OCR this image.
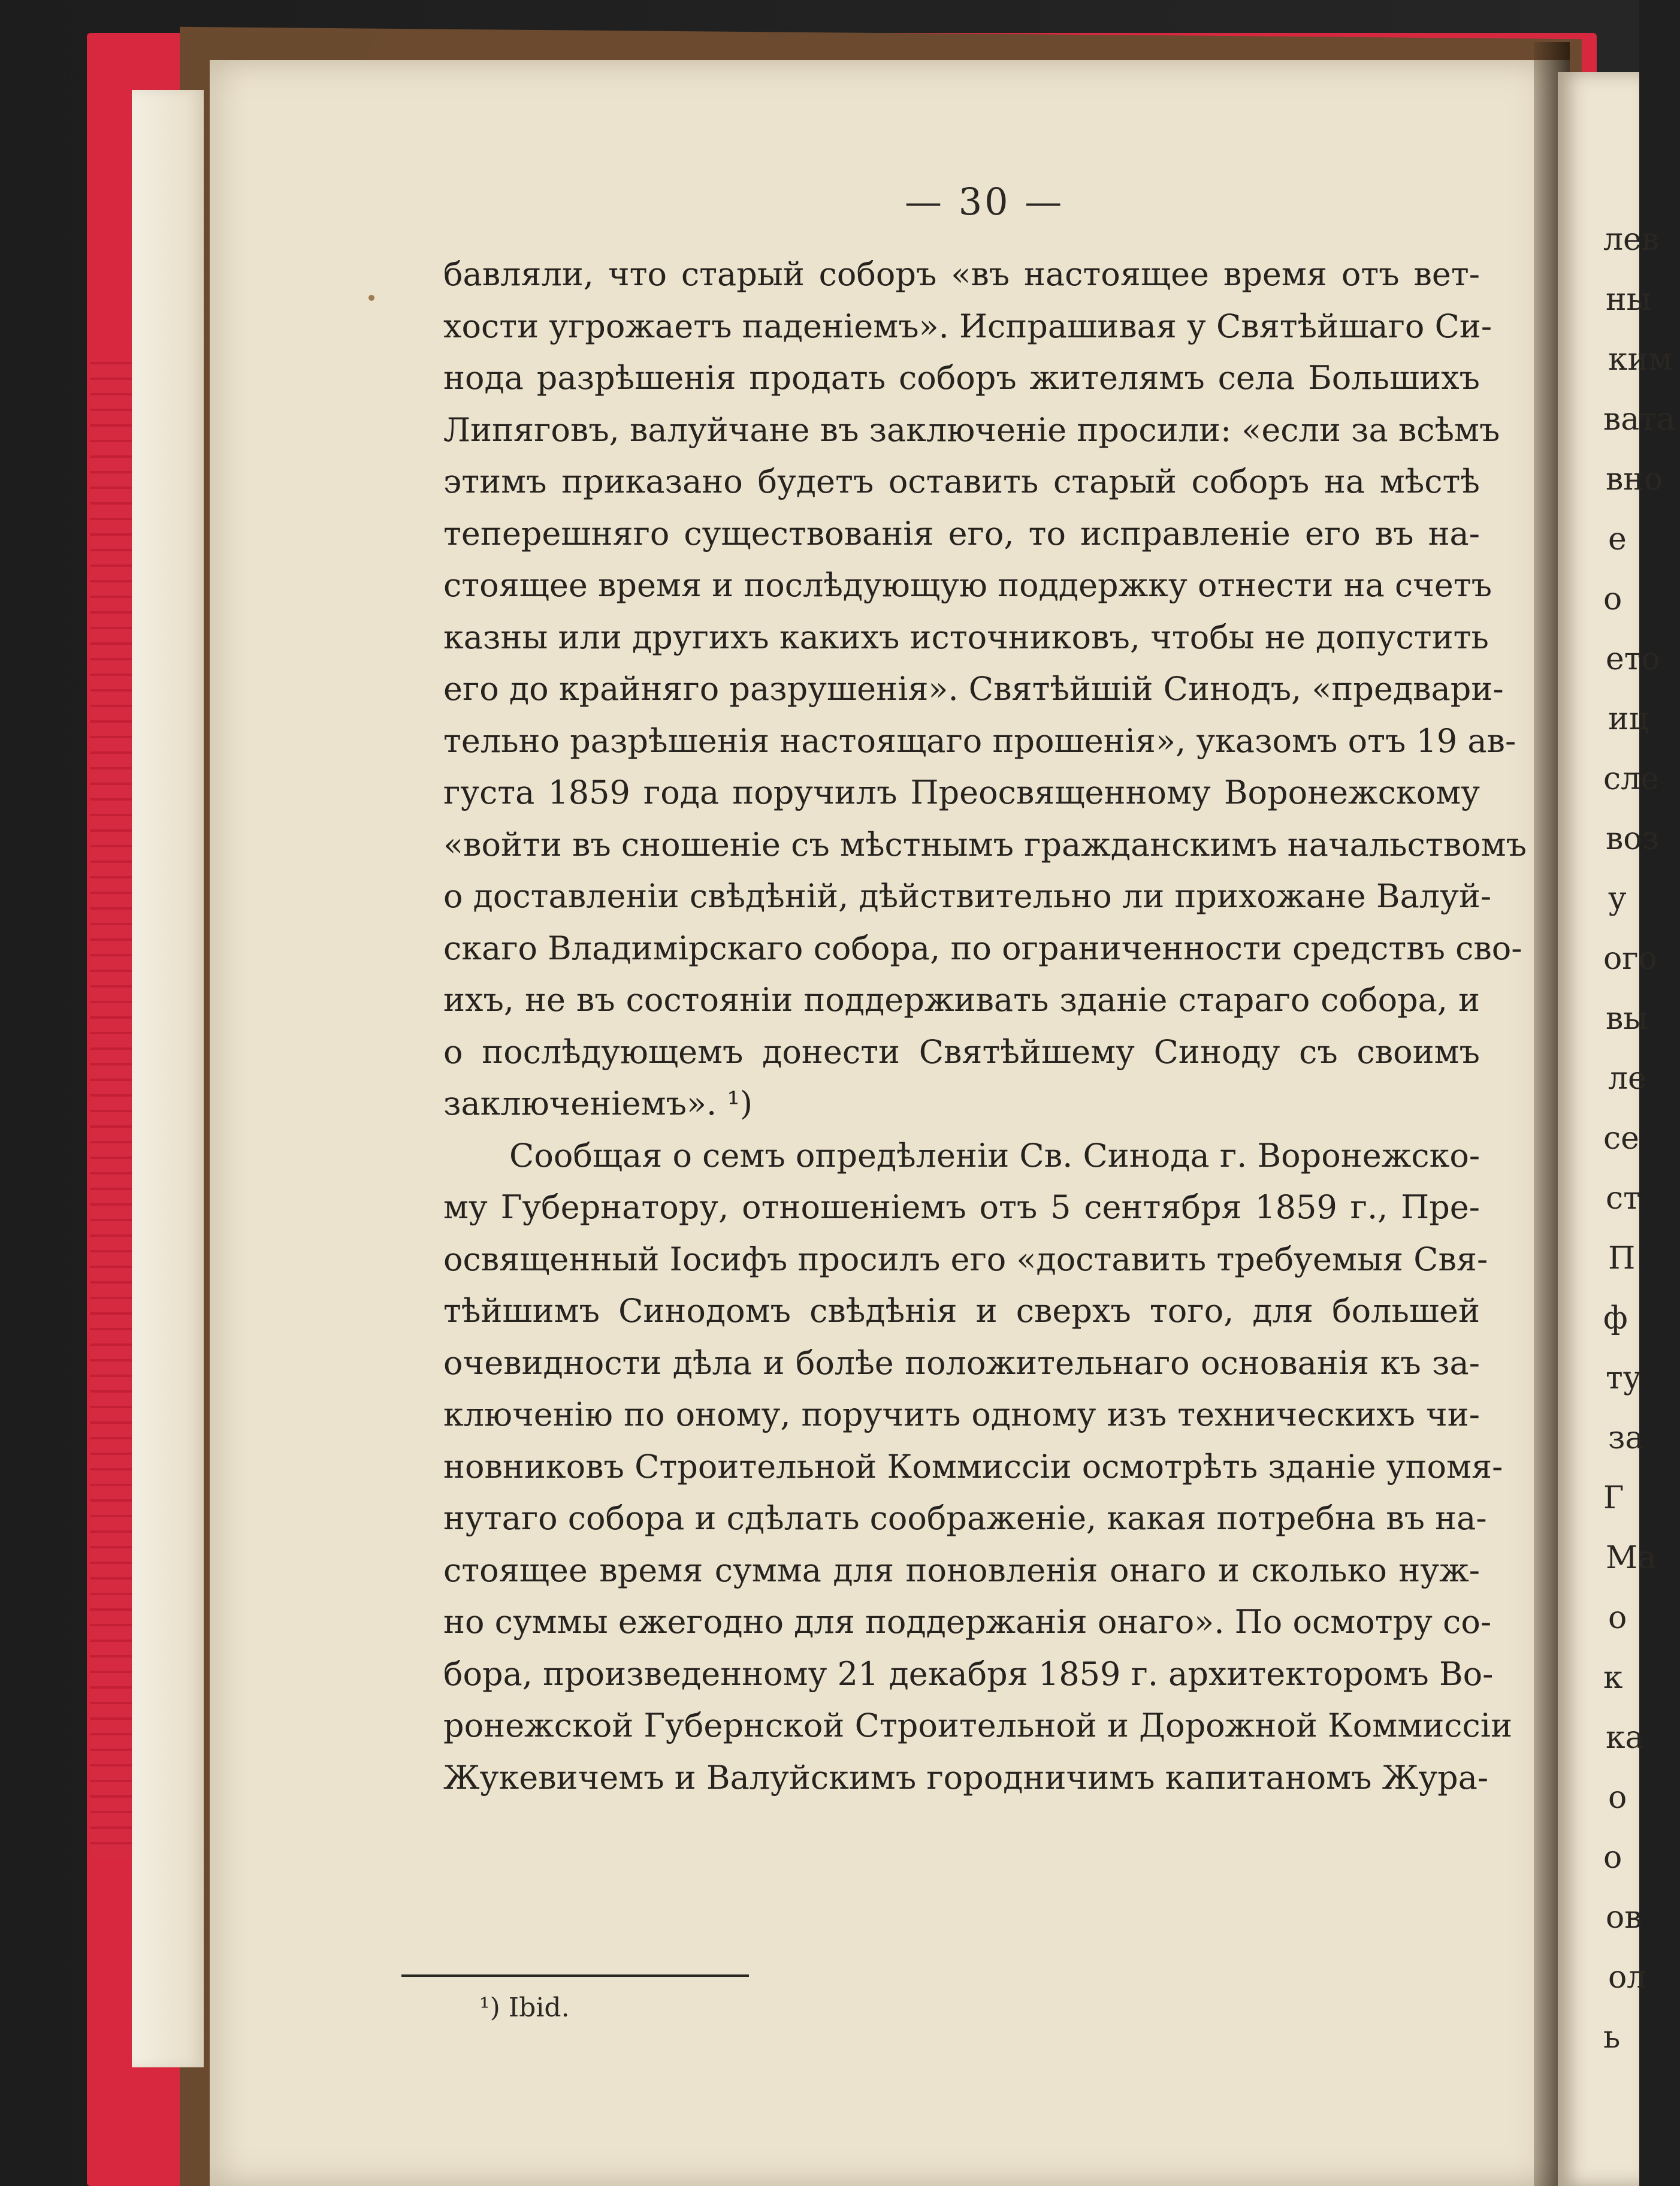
— 30 —
бавляли, что старый соборъ «въ настоящее время отъ вет-
хости угрожаетъ паденіемъ». Испрашивая у Святѣйшаго Си-
нода разрѣшенія продать соборъ жителямъ села Большихъ
Липяговъ, валуйчане въ заключеніе просили: «если за всѣмъ
этимъ приказано будетъ оставить старый соборъ на мѣстѣ
теперешняго существованія его, то исправленіе его въ на-
стоящее время и послѣдующую поддержку отнести на счетъ
казны или другихъ какихъ источниковъ, чтобы не допустить
его до крайняго разрушенія». Святѣйшій Синодъ, «предвари-
тельно разрѣшенія настоящаго прошенія», указомъ отъ 19 ав-
густа 1859 года поручилъ Преосвященному Воронежскому
«войти въ сношеніе съ мѣстнымъ гражданскимъ начальствомъ
о доставленіи свѣдѣній, дѣйствительно ли прихожане Валуй-
скаго Владимірскаго собора, по ограниченности средствъ сво-
ихъ, не въ состояніи поддерживать зданіе стараго собора, и
о послѣдующемъ донести Святѣйшему Синоду съ своимъ
заключеніемъ». ¹)
Сообщая о семъ опредѣленіи Св. Синода г. Воронежско-
му Губернатору, отношеніемъ отъ 5 сентября 1859 г., Пре-
освященный Іосифъ просилъ его «доставить требуемыя Свя-
тѣйшимъ Синодомъ свѣдѣнія и сверхъ того, для большей
очевидности дѣла и болѣе положительнаго основанія къ за-
ключенію по оному, поручить одному изъ техническихъ чи-
новниковъ Строительной Коммиссіи осмотрѣть зданіе упомя-
нутаго собора и сдѣлать соображеніе, какая потребна въ на-
стоящее время сумма для поновленія онаго и сколько нуж-
но суммы ежегодно для поддержанія онаго». По осмотру со-
бора, произведенному 21 декабря 1859 г. архитекторомъ Во-
ронежской Губернской Строительной и Дорожной Коммиссіи
Жукевичемъ и Валуйскимъ городничимъ капитаномъ Жура-
¹) Ibid.
лев
ны
ким
вата
вно
е
о
ето
иц
сле
воз
у
ого
вы
ле
се
ст
П
ф
ту
за
Г
Ма
о
к
ка
о
о
ов
ол
ь
